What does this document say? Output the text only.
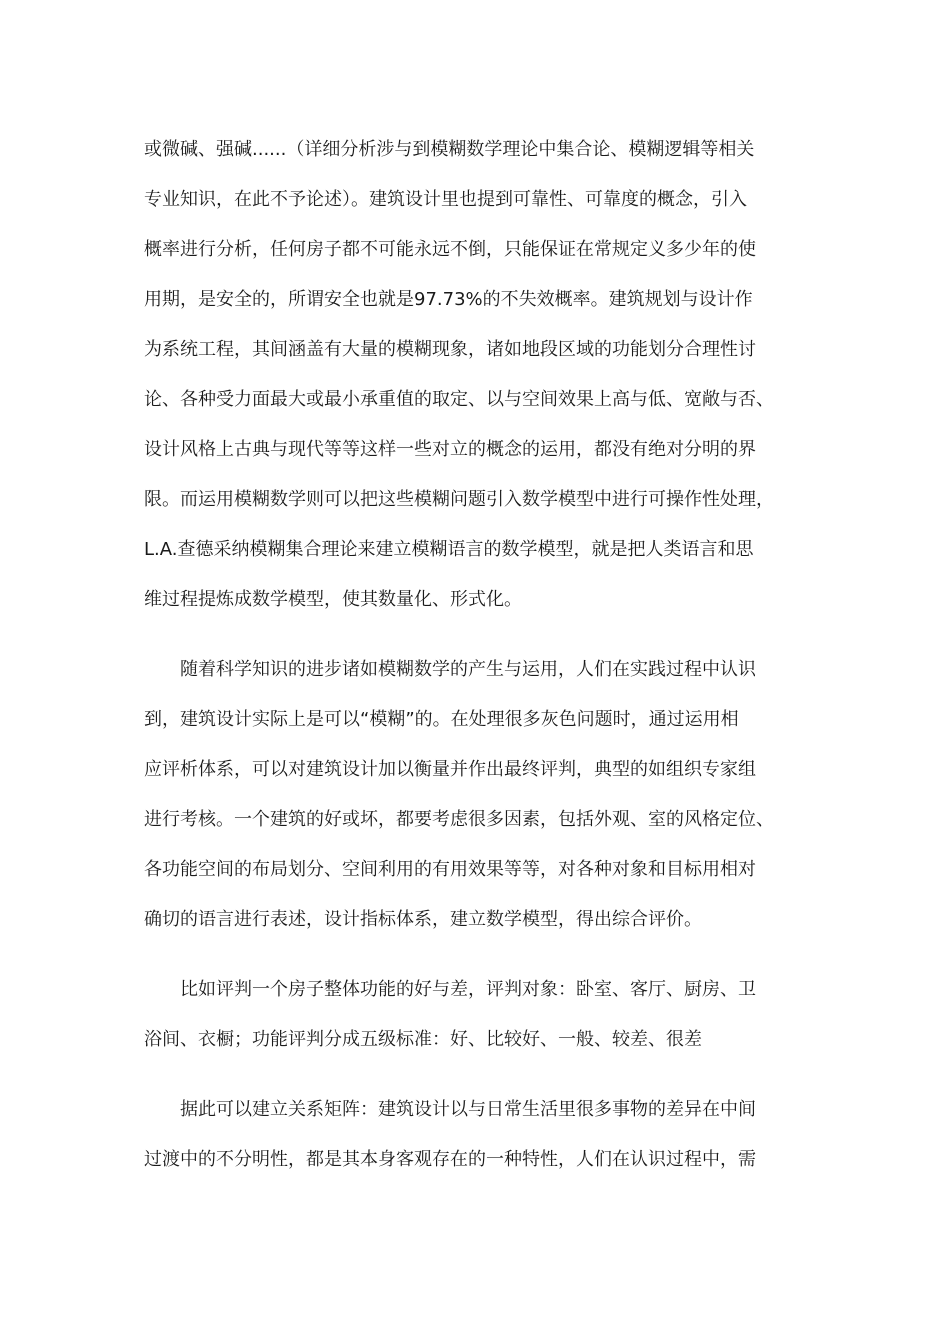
或微碱、强碱......（详细分析涉与到模糊数学理论中集合论、模糊逻辑等相关
专业知识，在此不予论述）。建筑设计里也提到可靠性、可靠度的概念，引入
概率进行分析，任何房子都不可能永远不倒，只能保证在常规定义多少年的使
用期，是安全的，所谓安全也就是97.73%的不失效概率。建筑规划与设计作
为系统工程，其间涵盖有大量的模糊现象，诸如地段区域的功能划分合理性讨
论、各种受力面最大或最小承重值的取定、以与空间效果上高与低、宽敞与否、
设计风格上古典与现代等等这样一些对立的概念的运用，都没有绝对分明的界
限。而运用模糊数学则可以把这些模糊问题引入数学模型中进行可操作性处理，
L.A.查德采纳模糊集合理论来建立模糊语言的数学模型，就是把人类语言和思
维过程提炼成数学模型，使其数量化、形式化。
随着科学知识的进步诸如模糊数学的产生与运用，人们在实践过程中认识
到，建筑设计实际上是可以“模糊”的。在处理很多灰色问题时，通过运用相
应评析体系，可以对建筑设计加以衡量并作出最终评判，典型的如组织专家组
进行考核。一个建筑的好或坏，都要考虑很多因素，包括外观、室的风格定位、
各功能空间的布局划分、空间利用的有用效果等等，对各种对象和目标用相对
确切的语言进行表述，设计指标体系，建立数学模型，得出综合评价。
比如评判一个房子整体功能的好与差，评判对象：卧室、客厅、厨房、卫
浴间、衣橱；功能评判分成五级标准：好、比较好、一般、较差、很差
据此可以建立关系矩阵：建筑设计以与日常生活里很多事物的差异在中间
过渡中的不分明性，都是其本身客观存在的一种特性，人们在认识过程中，需
